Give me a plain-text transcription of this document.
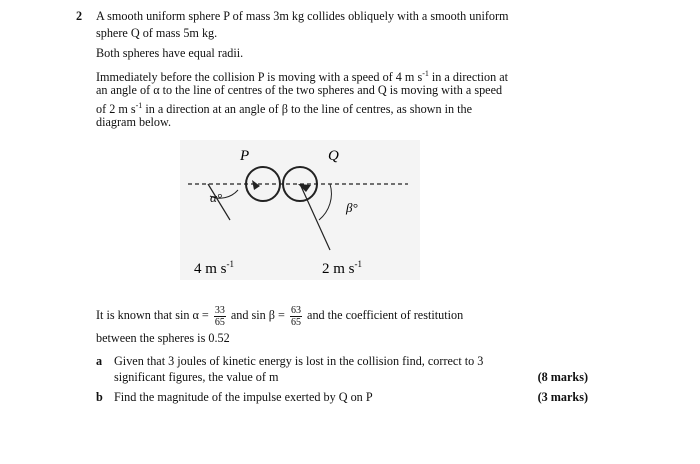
2 A smooth uniform sphere P of mass 3m kg collides obliquely with a smooth uniform
sphere Q of mass 5m kg.
Both spheres have equal radii.
Immediately before the collision P is moving with a speed of 4 m $s^{-1}$ in a direction at
an angle of α to the line of centres of the two spheres and Q is moving with a speed
of 2 m $s^{-1}$ in a direction at an angle of β to the line of centres, as shown in the
diagram below.
P	Q
α°
β°
4 m $s^{-1}$	2 m $s^{-1}$
It is known that $\sin \alpha = \frac{33}{65}$ and $\sin \beta = \frac{63}{65}$ and the coefficient of restitution
between the spheres is 0.52
a Given that 3 joules of kinetic energy is lost in the collision find, correct to 3
significant figures, the value of m	(8 marks)
b Find the magnitude of the impulse exerted by Q on P	(3 marks)
